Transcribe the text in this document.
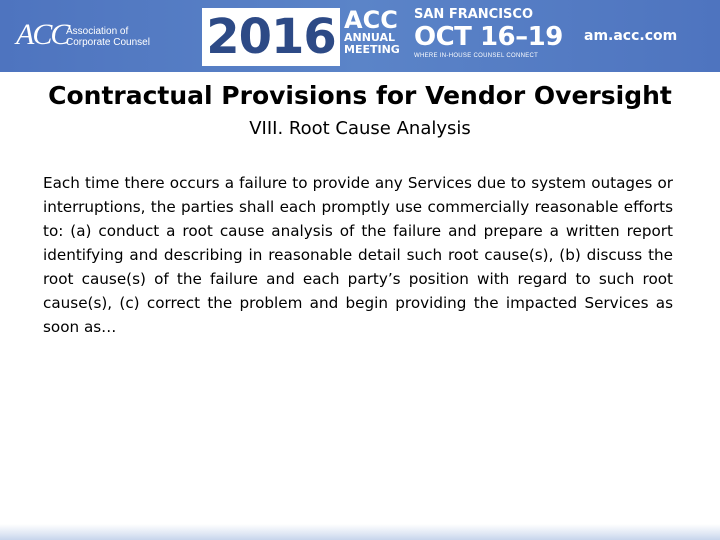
ACC
Association of
Corporate Counsel 2016 ACC
ANNUAL
MEETING
SAN FRANCISCO
OCT 16–19
WHERE IN-HOUSE COUNSEL CONNECT
am.acc.com
Contractual Provisions for Vendor Oversight
VIII. Root Cause Analysis

Each time there occurs a failure to provide any Services due to system outages or interruptions, the parties shall each promptly use commercially reasonable efforts to: (a) conduct a root cause analysis of the failure and prepare a written report identifying and describing in reasonable detail such root cause(s), (b) discuss the root cause(s) of the failure and each party’s position with regard to such root cause(s), (c) correct the problem and begin providing the impacted Services as soon as…
